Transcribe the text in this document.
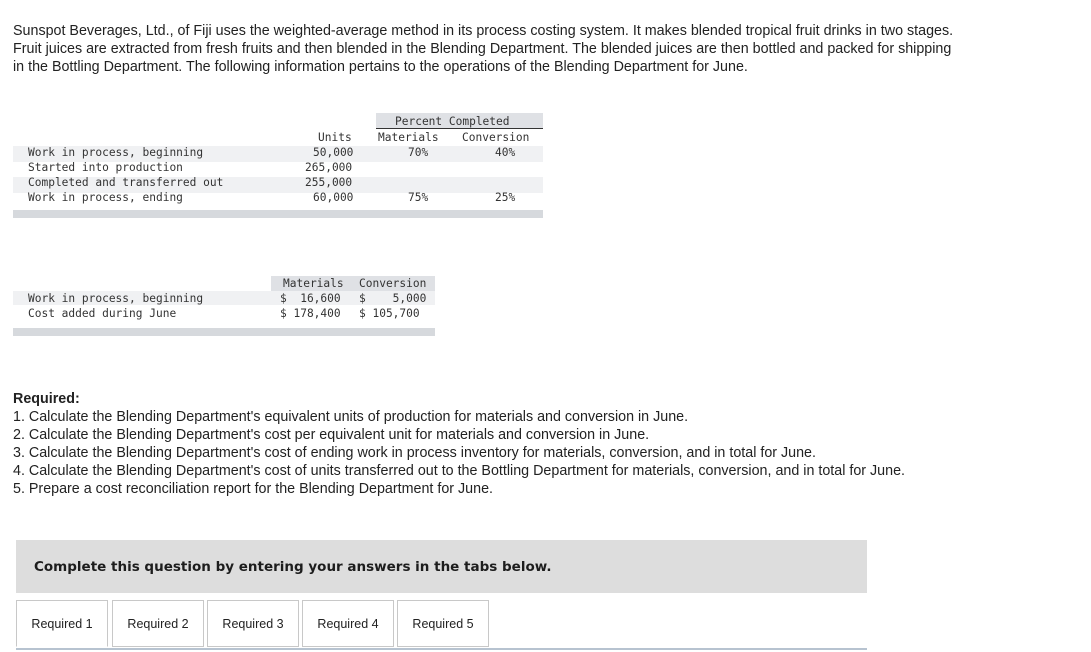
Sunspot Beverages, Ltd., of Fiji uses the weighted-average method in its process costing system. It makes blended tropical fruit drinks in two stages. Fruit juices are extracted from fresh fruits and then blended in the Blending Department. The blended juices are then bottled and packed for shipping in the Bottling Department. The following information pertains to the operations of the Blending Department for June.
Percent Completed
Units Materials Conversion
Work in process, beginning	50,000	70%	40%
Started into production	265,000
Completed and transferred out	255,000
Work in process, ending	60,000	75%	25%
Materials Conversion
Work in process, beginning	$  16,600 $    5,000
Cost added during June	$ 178,400 $ 105,700
Required:
1. Calculate the Blending Department's equivalent units of production for materials and conversion in June.
2. Calculate the Blending Department's cost per equivalent unit for materials and conversion in June.
3. Calculate the Blending Department's cost of ending work in process inventory for materials, conversion, and in total for June.
4. Calculate the Blending Department's cost of units transferred out to the Bottling Department for materials, conversion, and in total for June.
5. Prepare a cost reconciliation report for the Blending Department for June.
Complete this question by entering your answers in the tabs below.
Required 1	Required 2	Required 3	Required 4	Required 5
